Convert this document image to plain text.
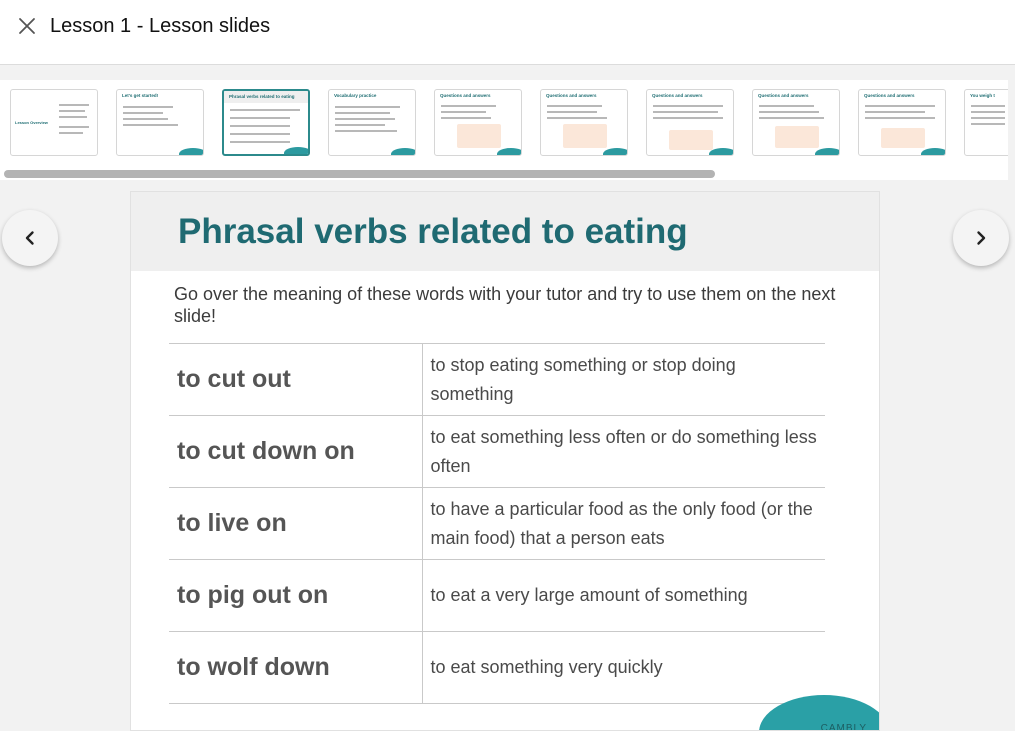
Lesson 1 - Lesson slides
Lesson Overview
Let's get started!	Phrasal verbs related to eating	Vocabulary practice	Questions and answers	Questions and answers	Questions and answers	Questions and answers	Questions and answers	You weigh t
Phrasal verbs related to eating
Go over the meaning of these words with your tutor and try to use them on the next slide!
to cut out	to stop eating something or stop doing something
to cut down on	to eat something less often or do something less often
to live on	to have a particular food as the only food (or the main food) that a person eats
to pig out on	to eat a very large amount of something
to wolf down	to eat something very quickly
CAMBLY
